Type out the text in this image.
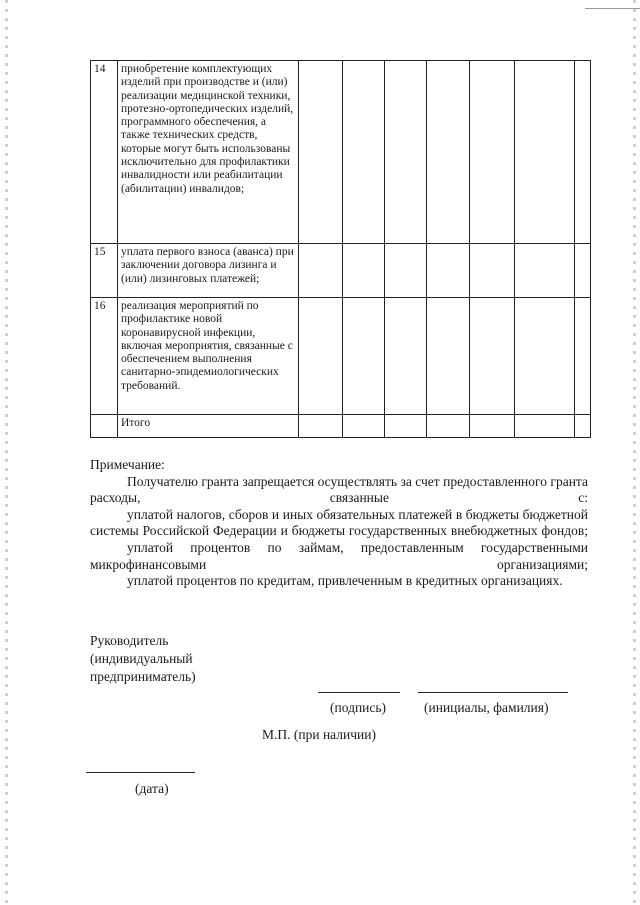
14	приобретение комплектующих изделий при производстве и (или) реализации медицинской техники, протезно-ортопедических изделий, программного обеспечения, а также технических средств, которые могут быть использованы исключительно для профилактики инвалидности или реабилитации (абилитации) инвалидов;							
15	уплата первого взноса (аванса) при заключении договора лизинга и (или) лизинговых платежей;							
16	реализация мероприятий по профилактике новой коронавирусной инфекции, включая мероприятия, связанные с обеспечением выполнения санитарно-эпидемиологических требований.							
	Итого							

Примечание:

Получателю гранта запрещается осуществлять за счет предоставленного гранта расходы, связанные с:

уплатой налогов, сборов и иных обязательных платежей в бюджеты бюджетной системы Российской Федерации и бюджеты государственных внебюджетных фондов;

уплатой процентов по займам, предоставленным государственными микрофинансовыми организациями;

уплатой процентов по кредитам, привлеченным в кредитных организациях.

Руководитель
(индивидуальный
предприниматель)
(подпись)	(инициалы, фамилия)
М.П. (при наличии)
(дата)
